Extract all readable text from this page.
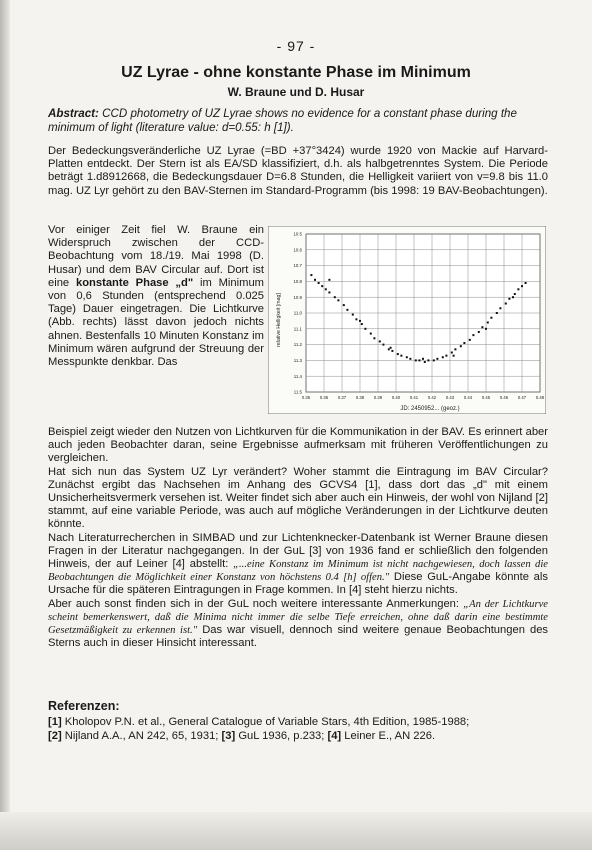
- 97 -
UZ Lyrae - ohne konstante Phase im Minimum
W. Braune und D. Husar
Abstract: CCD photometry of UZ Lyrae shows no evidence for a constant phase during the minimum of light (literature value: d=0.55: h [1]).
Der Bedeckungsveränderliche UZ Lyrae (=BD +37°3424) wurde 1920 von Mackie auf Harvard-Platten entdeckt. Der Stern ist als EA/SD klassifiziert, d.h. als halbgetrenntes System. Die Periode beträgt 1.d8912668, die Bedeckungsdauer D=6.8 Stunden, die Helligkeit variiert von v=9.8 bis 11.0 mag. UZ Lyr gehört zu den BAV-Sternen im Standard-Programm (bis 1998: 19 BAV-Beobachtungen).
Vor einiger Zeit fiel W. Braune ein Widerspruch zwischen der CCD-Beobachtung vom 18./19. Mai 1998 (D. Husar) und dem BAV Circular auf. Dort ist eine konstante Phase „d" im Minimum von 0,6 Stunden (entsprechend 0.025 Tage) Dauer eingetragen. Die Lichtkurve (Abb. rechts) lässt davon jedoch nichts ahnen. Bestenfalls 10 Minuten Konstanz im Minimum wären aufgrund der Streuung der Messpunkte denkbar. Das
relative Helligkeit [mag]
JD: 2450952... (geoz.)
0.35 0.36 0.37 0.38 0.39 0.40 0.41 0.42 0.43 0.44 0.45 0.46 0.47 0.48
10.5
10.6
10.7
10.8
10.9
11.0
11.1
11.2
11.3
11.4
11.5

Beispiel zeigt wieder den Nutzen von Lichtkurven für die Kommunikation in der BAV. Es erinnert aber auch jeden Beobachter daran, seine Ergebnisse aufmerksam mit früheren Veröffentlichungen zu vergleichen.

Hat sich nun das System UZ Lyr verändert? Woher stammt die Eintragung im BAV Circular? Zunächst ergibt das Nachsehen im Anhang des GCVS4 [1], dass dort das „d" mit einem Unsicherheitsvermerk versehen ist. Weiter findet sich aber auch ein Hinweis, der wohl von Nijland [2] stammt, auf eine variable Periode, was auch auf mögliche Veränderungen in der Lichtkurve deuten könnte.

Nach Literaturrecherchen in SIMBAD und zur Lichtenknecker-Datenbank ist Werner Braune diesen Fragen in der Literatur nachgegangen. In der GuL [3] von 1936 fand er schließlich den folgenden Hinweis, der auf Leiner [4] abstellt: „...eine Konstanz im Minimum ist nicht nachgewiesen, doch lassen die Beobachtungen die Möglichkeit einer Konstanz von höchstens 0.4 [h] offen." Diese GuL-Angabe könnte als Ursache für die späteren Eintragungen in Frage kommen. In [4] steht hierzu nichts.

Aber auch sonst finden sich in der GuL noch weitere interessante Anmerkungen: „An der Lichtkurve scheint bemerkenswert, daß die Minima nicht immer die selbe Tiefe erreichen, ohne daß darin eine bestimmte Gesetzmäßigkeit zu erkennen ist." Das war visuell, dennoch sind weitere genaue Beobachtungen des Sterns auch in dieser Hinsicht interessant.

Referenzen:

[1] Kholopov P.N. et al., General Catalogue of Variable Stars, 4th Edition, 1985-1988;

[2] Nijland A.A., AN 242, 65, 1931; [3] GuL 1936, p.233; [4] Leiner E., AN 226.
